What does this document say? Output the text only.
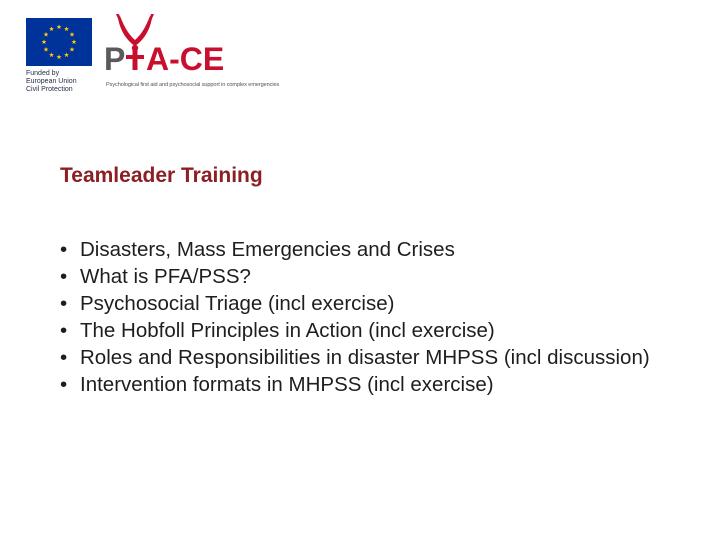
Funded by
European Union
Civil Protection
P A-CE
Psychological first aid and psychosocial support in complex emergencies
Teamleader Training
• Disasters, Mass Emergencies and Crises
• What is PFA/PSS?
• Psychosocial Triage (incl exercise)
• The Hobfoll Principles in Action (incl exercise)
• Roles and Responsibilities in disaster MHPSS (incl discussion)
• Intervention formats in MHPSS (incl exercise)
